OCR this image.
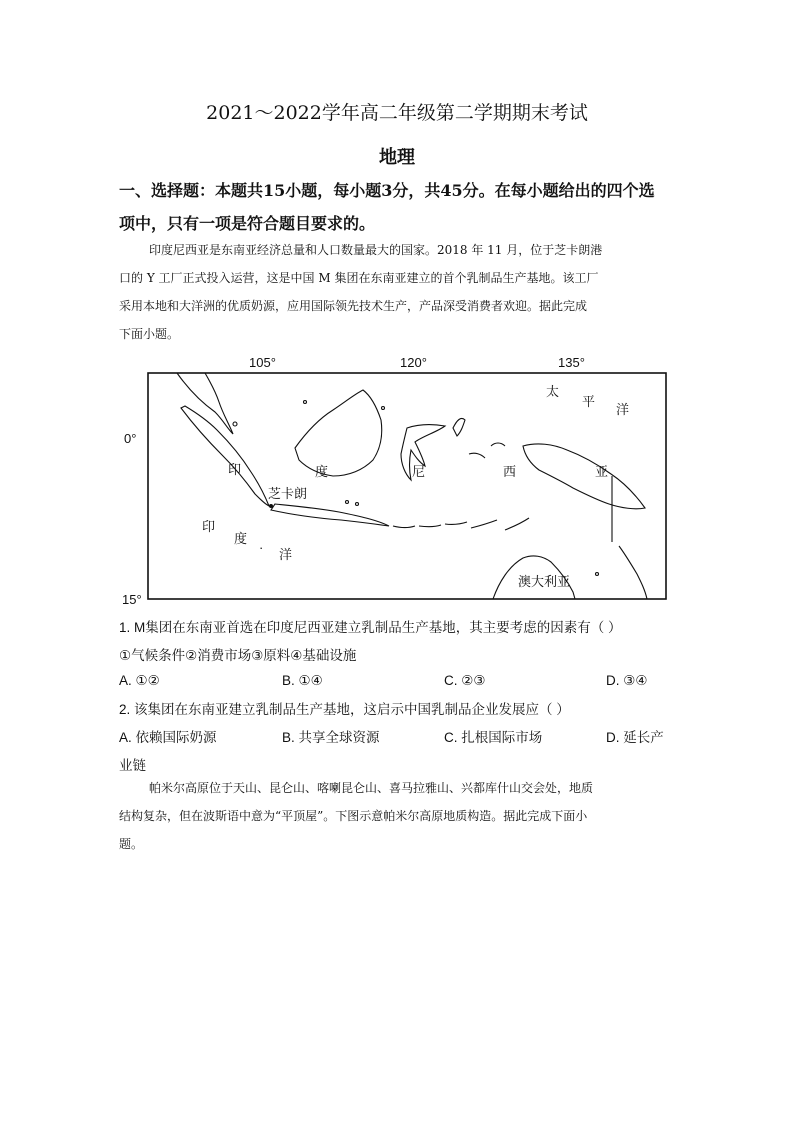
2021～2022学年高二年级第二学期期末考试
地理
一、选择题：本题共15小题，每小题3分，共45分。在每小题给出的四个选
项中，只有一项是符合题目要求的。
印度尼西亚是东南亚经济总量和人口数量最大的国家。2018 年 11 月，位于芝卡朗港
口的 Y 工厂正式投入运营，这是中国 M 集团在东南亚建立的首个乳制品生产基地。该工厂
采用本地和大洋洲的优质奶源，应用国际领先技术生产，产品深受消费者欢迎。据此完成
下面小题。
105°	120°	135°
0°
15°
太
平
洋
印	度	尼	西	亚
芝卡朗
印
度
· 洋
澳大利亚
1. M集团在东南亚首选在印度尼西亚建立乳制品生产基地，其主要考虑的因素有（ ）
①气候条件②消费市场③原料④基础设施
A. ①②	B. ①④	C. ②③	D. ③④
2. 该集团在东南亚建立乳制品生产基地，这启示中国乳制品企业发展应（ ）
A. 依赖国际奶源	B. 共享全球资源	C. 扎根国际市场	D. 延长产
业链
帕米尔高原位于天山、昆仑山、喀喇昆仑山、喜马拉雅山、兴都库什山交会处，地质
结构复杂，但在波斯语中意为“平顶屋”。下图示意帕米尔高原地质构造。据此完成下面小
题。
